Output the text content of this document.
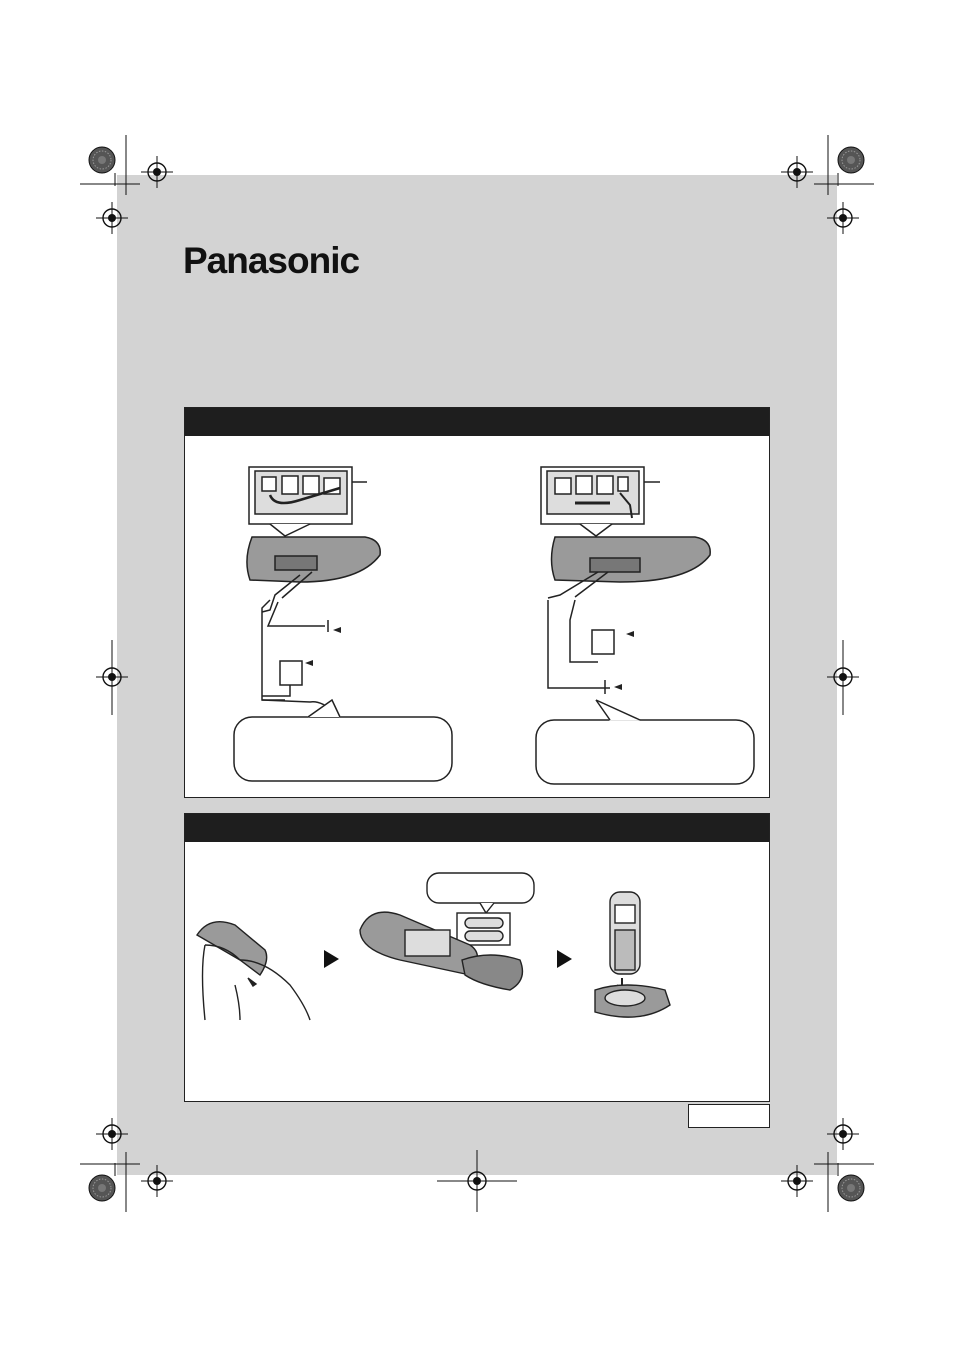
Panasonic
